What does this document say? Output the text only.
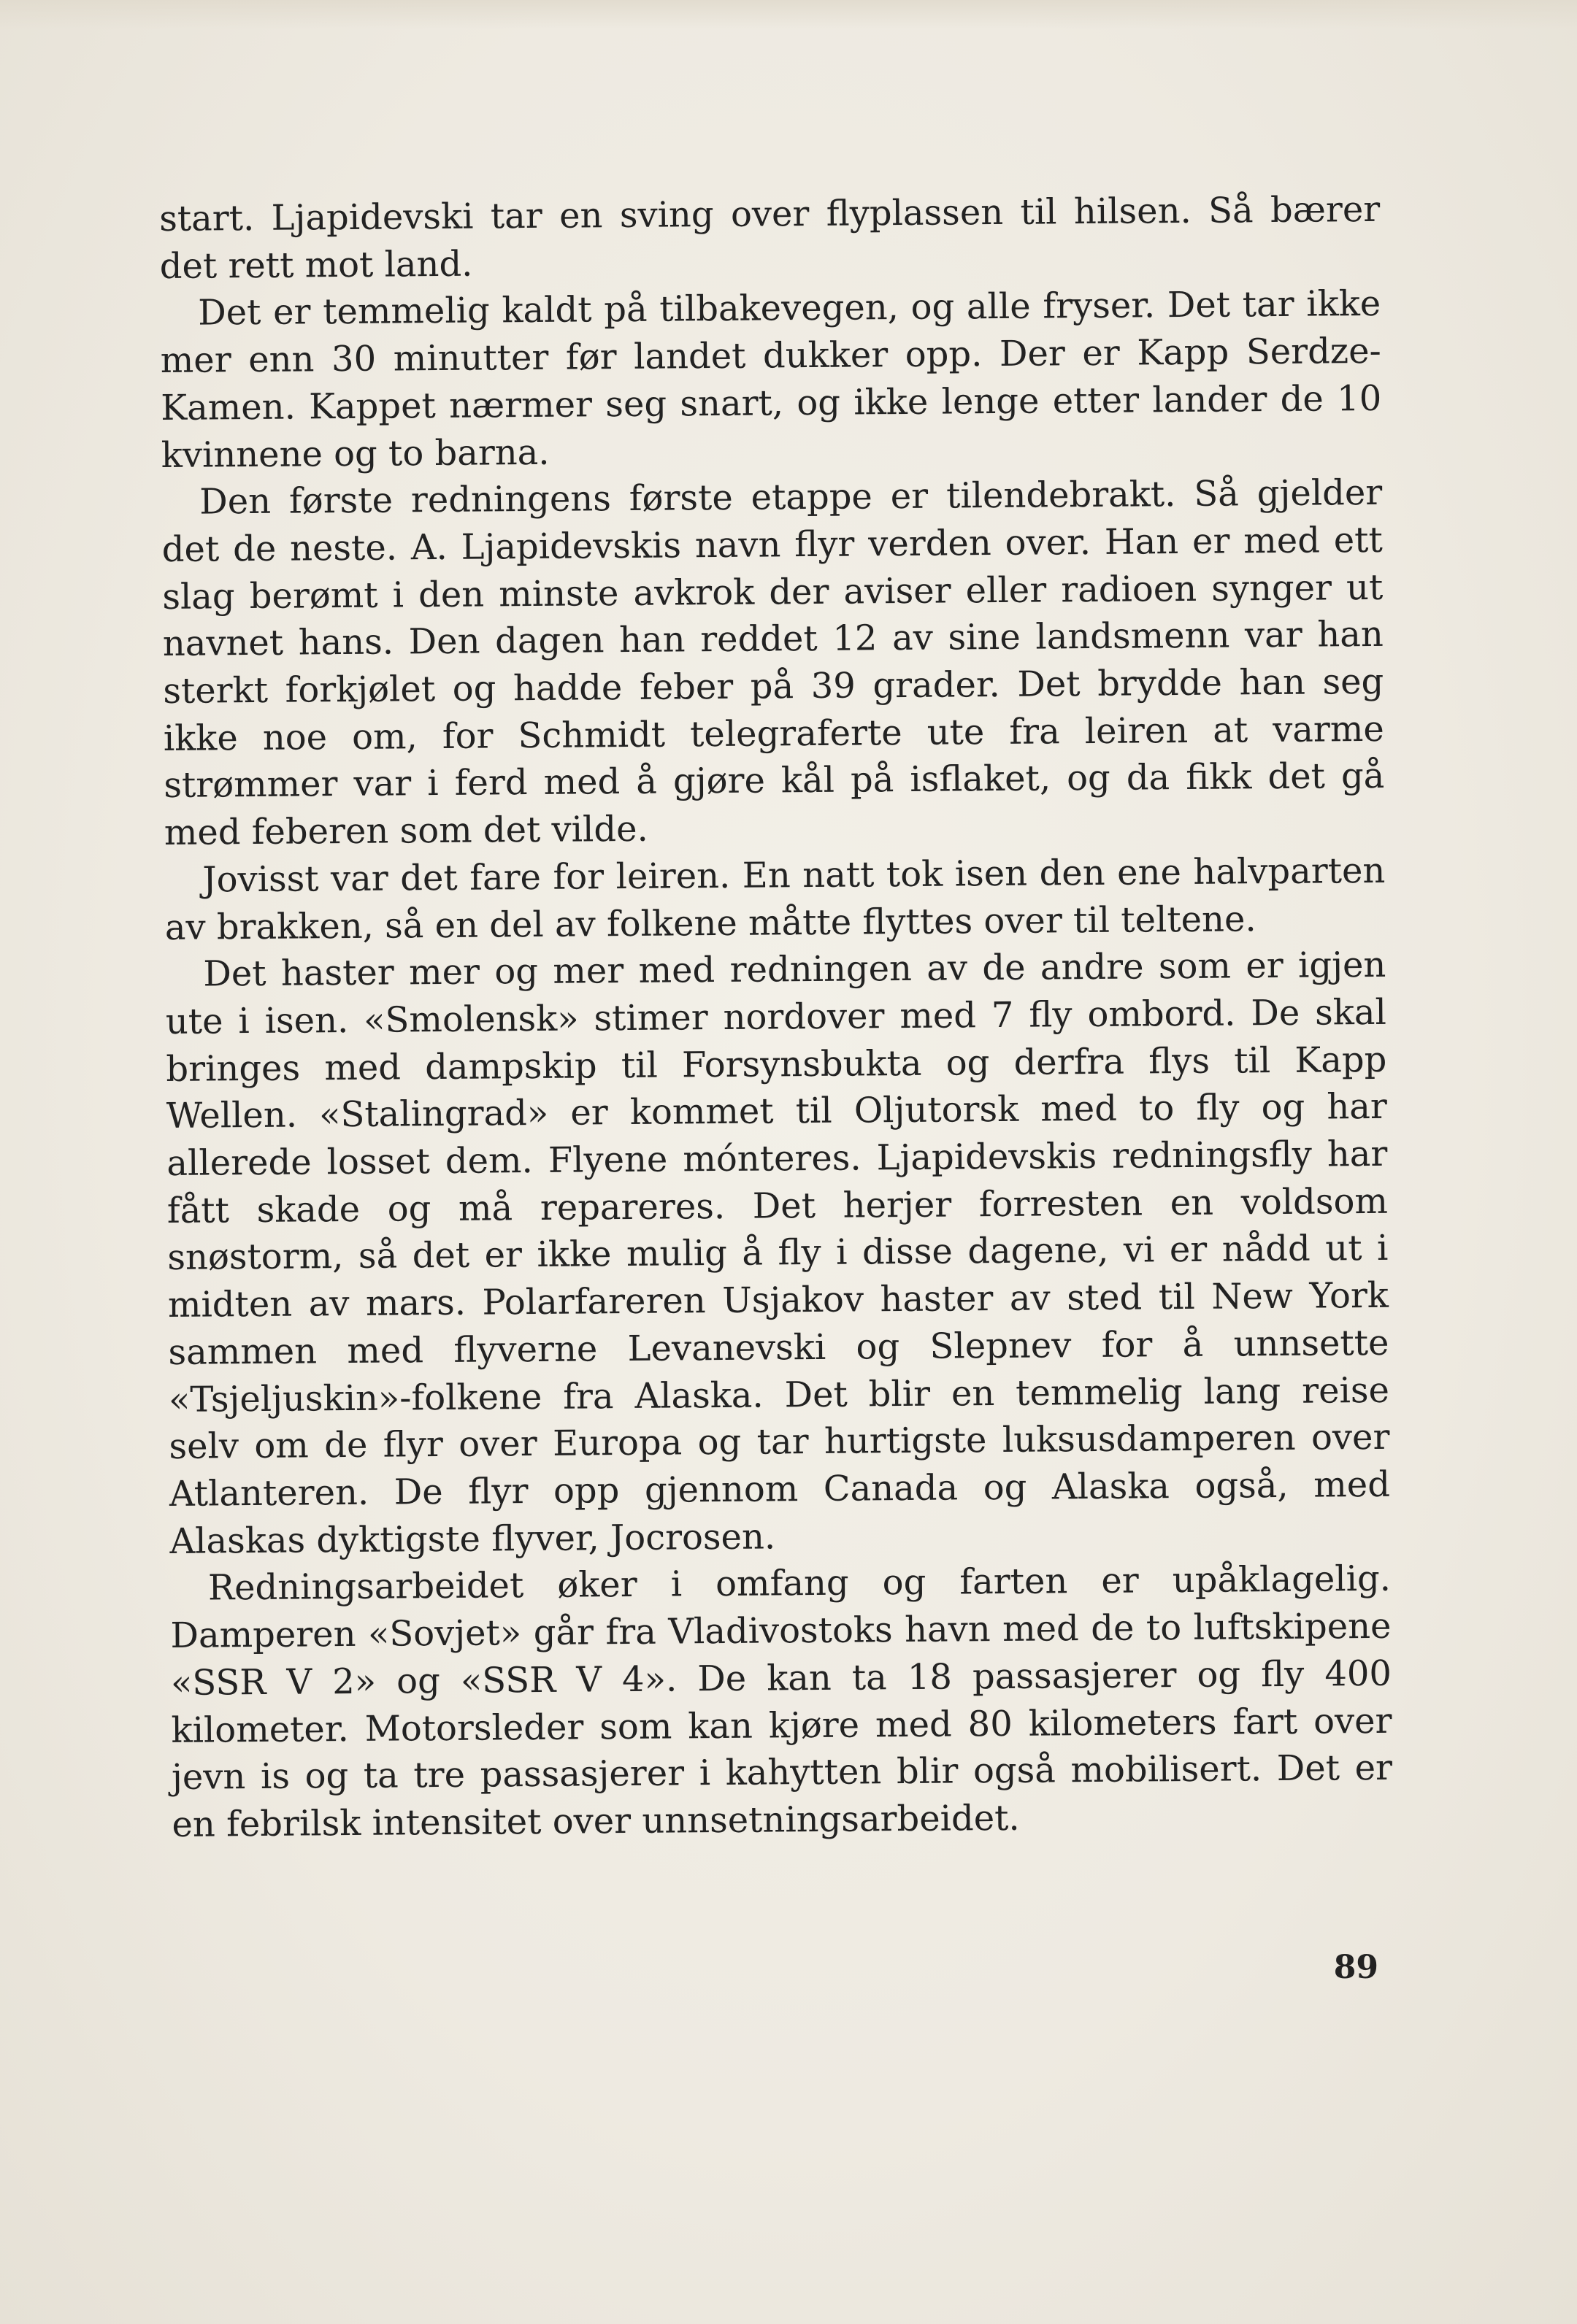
start. Ljapidevski tar en sving over flyplassen til hilsen. Så bærer det rett mot land.

Det er temmelig kaldt på tilbakevegen, og alle fryser. Det tar ikke mer enn 30 minutter før landet dukker opp. Der er Kapp Serdze-Kamen. Kappet nærmer seg snart, og ikke lenge etter lander de 10 kvinnene og to barna.

Den første redningens første etappe er tilendebrakt. Så gjelder det de neste. A. Ljapidevskis navn flyr verden over. Han er med ett slag berømt i den minste avkrok der aviser eller radioen synger ut navnet hans. Den dagen han reddet 12 av sine landsmenn var han sterkt forkjølet og hadde feber på 39 grader. Det brydde han seg ikke noe om, for Schmidt telegraferte ute fra leiren at varme strømmer var i ferd med å gjøre kål på isflaket, og da fikk det gå med feberen som det vilde.

Jovisst var det fare for leiren. En natt tok isen den ene halvparten av brakken, så en del av folkene måtte flyttes over til teltene.

Det haster mer og mer med redningen av de andre som er igjen ute i isen. «Smolensk» stimer nordover med 7 fly ombord. De skal bringes med dampskip til Forsynsbukta og derfra flys til Kapp Wellen. «Stalingrad» er kommet til Oljutorsk med to fly og har allerede losset dem. Flyene mónteres. Ljapidevskis redningsfly har fått skade og må repareres. Det herjer forresten en voldsom snøstorm, så det er ikke mulig å fly i disse dagene, vi er nådd ut i midten av mars. Polarfareren Usjakov haster av sted til New York sammen med flyverne Levanevski og Slepnev for å unnsette «Tsjeljuskin»-folkene fra Alaska. Det blir en temmelig lang reise selv om de flyr over Europa og tar hurtigste luksusdamperen over Atlanteren. De flyr opp gjennom Canada og Alaska også, med Alaskas dyktigste flyver, Jocrosen.

Redningsarbeidet øker i omfang og farten er upåklagelig. Damperen «Sovjet» går fra Vladivostoks havn med de to luftskipene «SSR V 2» og «SSR V 4». De kan ta 18 passasjerer og fly 400 kilometer. Motorsleder som kan kjøre med 80 kilometers fart over jevn is og ta tre passasjerer i kahytten blir også mobilisert. Det er en febrilsk intensitet over unnsetningsarbeidet.

89
